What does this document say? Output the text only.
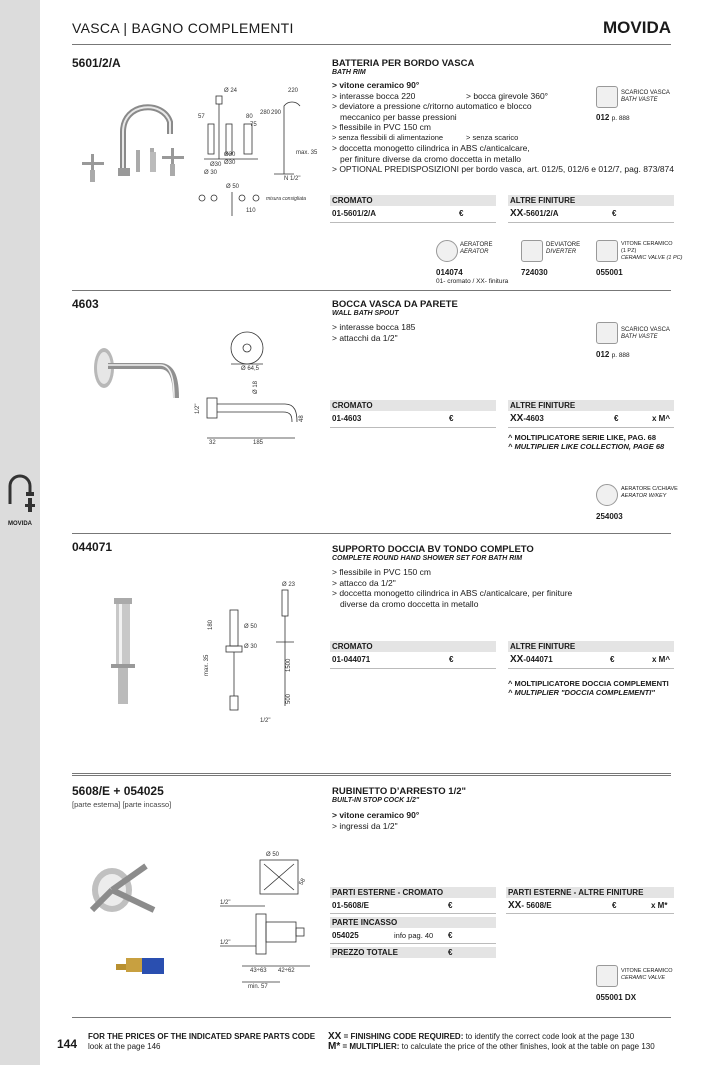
MOVIDA
VASCA | BAGNO COMPLEMENTI	MOVIDA
5601/2/A	BATTERIA PER BORDO VASCA
BATH RIM
> vitone ceramico 90°
> interasse bocca 220	> bocca girevole 360°
> deviatore a pressione c/ritorno automatico e blocco
meccanico per basse pressioni
> flessibile in PVC 150 cm
> senza flessibili di alimentazione	> senza scarico
> doccetta monogetto cilindrica in ABS c/anticalcare,
per finiture diverse da cromo doccetta in metallo
> OPTIONAL PREDISPOSIZIONI per bordo vasca, art. 012/5, 012/6 e 012/7, pag. 873/874
SCARICO VASCA
BATH VASTE
012 p. 888
Ø 24	220
57
Ø30
Ø30
Ø30
Ø 30
80
290
280
max. 35
N 1/2"
Ø 50
75
110
misura consigliata	CROMATO	ALTRE FINITURE
01-5601/2/A	€	XX-5601/2/A	€
AERATORE
AERATOR
014074
01- cromato / XX- finitura
DEVIATORE
DIVERTER
724030
VITONE CERAMICO
(1 PZ)
CERAMIC VALVE (1 PC)
055001
4603	BOCCA VASCA DA PARETE
WALL BATH SPOUT
> interasse bocca 185
> attacchi da 1/2"
SCARICO VASCA
BATH VASTE
012 p. 888
Ø 64,5
Ø 18
1/2"
48
32	185
CROMATO	ALTRE FINITURE
01-4603	€	XX-4603	€	x M^
^ MOLTIPLICATORE SERIE LIKE, PAG. 68
^ MULTIPLIER LIKE COLLECTION, PAGE 68
AERATORE C/CHIAVE
AERATOR W/KEY
254003
044071	SUPPORTO DOCCIA BV TONDO COMPLETO
COMPLETE ROUND HAND SHOWER SET FOR BATH RIM
> flessibile in PVC 150 cm
> attacco da 1/2"
> doccetta monogetto cilindrica in ABS c/anticalcare, per finiture
diverse da cromo doccetta in metallo
Ø 23
180	Ø 50
Ø 30
max. 35	1500
500
1/2"
CROMATO	ALTRE FINITURE
01-044071	€	XX-044071	€	x M^
^ MOLTIPLICATORE DOCCIA COMPLEMENTI
^ MULTIPLIER "DOCCIA COMPLEMENTI"
5608/E + 054025
[parte esterna] [parte incasso]
RUBINETTO D’ARRESTO 1/2"
BUILT-IN STOP COCK 1/2"
> vitone ceramico 90°
> ingressi da 1/2"
Ø 50
58
1/2"
1/2"
43÷63 42÷62
min. 57
PARTI ESTERNE - CROMATO	PARTI ESTERNE - ALTRE FINITURE
01-5608/E	€	XX- 5608/E	€	x M*
PARTE INCASSO
054025	info pag. 40 €
PREZZO TOTALE	€
VITONE CERAMICO
CERAMIC VALVE
055001 DX
144
FOR THE PRICES OF THE INDICATED SPARE PARTS CODE
look at the page 146
XX = FINISHING CODE REQUIRED: to identify the correct code look at the page 130
M* = MULTIPLIER: to calculate the price of the other finishes, look at the table on page 130
